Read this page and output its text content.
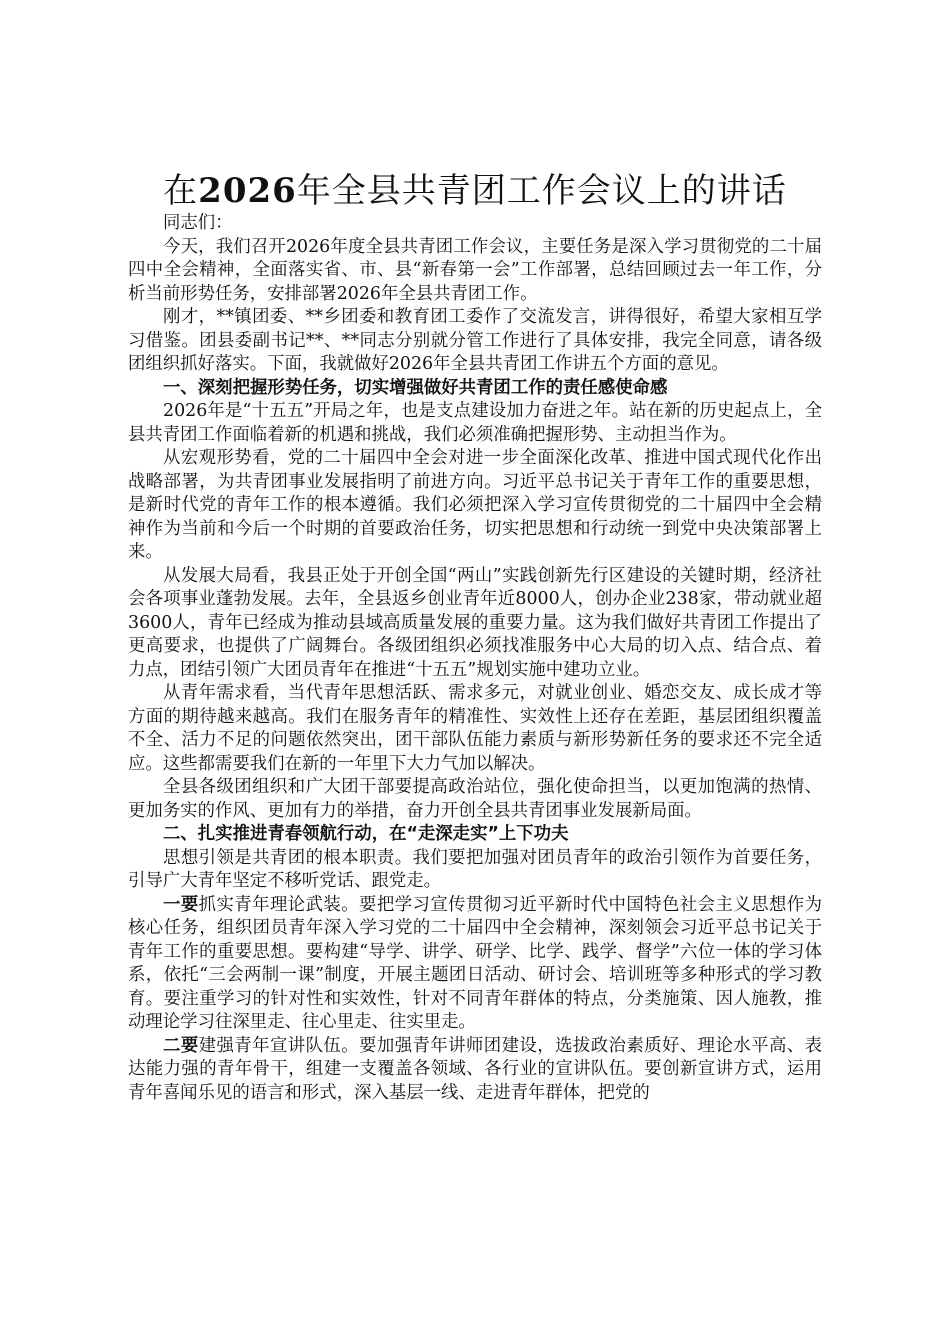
在2026年全县共青团工作会议上的讲话

同志们：

今天，我们召开2026年度全县共青团工作会议，主要任务是深入学习贯彻党的二十届四中全会精神，全面落实省、市、县“新春第一会”工作部署，总结回顾过去一年工作，分析当前形势任务，安排部署2026年全县共青团工作。

刚才，**镇团委、**乡团委和教育团工委作了交流发言，讲得很好，希望大家相互学习借鉴。团县委副书记**、**同志分别就分管工作进行了具体安排，我完全同意，请各级团组织抓好落实。下面，我就做好2026年全县共青团工作讲五个方面的意见。

一、深刻把握形势任务，切实增强做好共青团工作的责任感使命感

2026年是“十五五”开局之年，也是支点建设加力奋进之年。站在新的历史起点上，全县共青团工作面临着新的机遇和挑战，我们必须准确把握形势、主动担当作为。

从宏观形势看，党的二十届四中全会对进一步全面深化改革、推进中国式现代化作出战略部署，为共青团事业发展指明了前进方向。习近平总书记关于青年工作的重要思想，是新时代党的青年工作的根本遵循。我们必须把深入学习宣传贯彻党的二十届四中全会精神作为当前和今后一个时期的首要政治任务，切实把思想和行动统一到党中央决策部署上来。

从发展大局看，我县正处于开创全国“两山”实践创新先行区建设的关键时期，经济社会各项事业蓬勃发展。去年，全县返乡创业青年近8000人，创办企业238家，带动就业超3600人，青年已经成为推动县域高质量发展的重要力量。这为我们做好共青团工作提出了更高要求，也提供了广阔舞台。各级团组织必须找准服务中心大局的切入点、结合点、着力点，团结引领广大团员青年在推进“十五五”规划实施中建功立业。

从青年需求看，当代青年思想活跃、需求多元，对就业创业、婚恋交友、成长成才等方面的期待越来越高。我们在服务青年的精准性、实效性上还存在差距，基层团组织覆盖不全、活力不足的问题依然突出，团干部队伍能力素质与新形势新任务的要求还不完全适应。这些都需要我们在新的一年里下大力气加以解决。

全县各级团组织和广大团干部要提高政治站位，强化使命担当，以更加饱满的热情、更加务实的作风、更加有力的举措，奋力开创全县共青团事业发展新局面。

二、扎实推进青春领航行动，在“走深走实”上下功夫

思想引领是共青团的根本职责。我们要把加强对团员青年的政治引领作为首要任务，引导广大青年坚定不移听党话、跟党走。

一要抓实青年理论武装。要把学习宣传贯彻习近平新时代中国特色社会主义思想作为核心任务，组织团员青年深入学习党的二十届四中全会精神，深刻领会习近平总书记关于青年工作的重要思想。要构建“导学、讲学、研学、比学、践学、督学”六位一体的学习体系，依托“三会两制一课”制度，开展主题团日活动、研讨会、培训班等多种形式的学习教育。要注重学习的针对性和实效性，针对不同青年群体的特点，分类施策、因人施教，推动理论学习往深里走、往心里走、往实里走。

二要建强青年宣讲队伍。要加强青年讲师团建设，选拔政治素质好、理论水平高、表达能力强的青年骨干，组建一支覆盖各领域、各行业的宣讲队伍。要创新宣讲方式，运用青年喜闻乐见的语言和形式，深入基层一线、走进青年群体，把党的
